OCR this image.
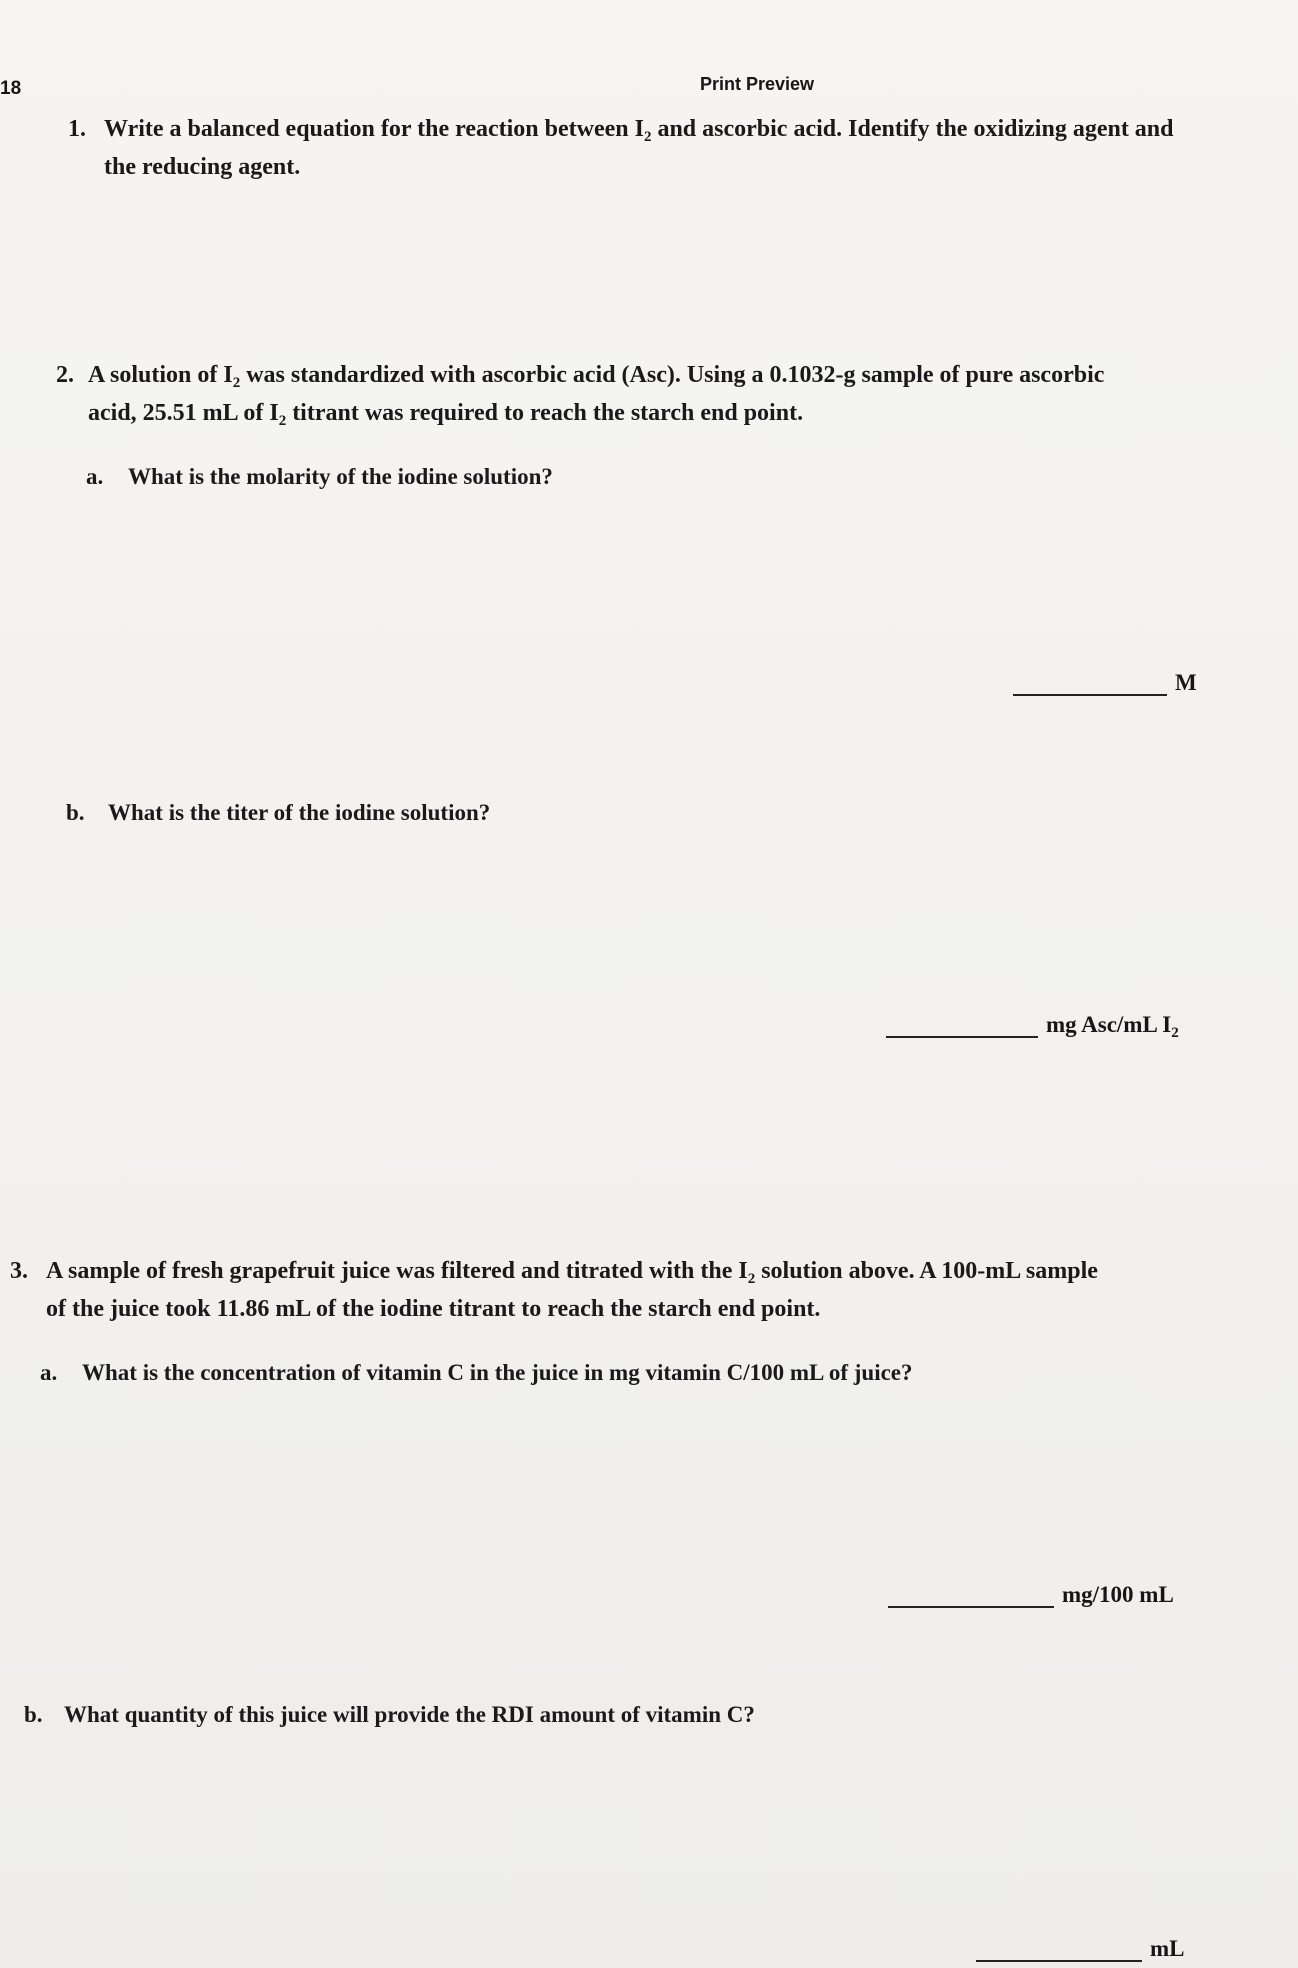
18	Print Preview
1. Write a balanced equation for the reaction between $I_2$ and ascorbic acid. Identify the oxidizing agent and
the reducing agent.
2. A solution of $I_2$ was standardized with ascorbic acid (Asc). Using a 0.1032-g sample of pure ascorbic
acid, 25.51 mL of $I_2$ titrant was required to reach the starch end point.
a. What is the molarity of the iodine solution?
M
b. What is the titer of the iodine solution?
mg Asc/mL $I_2$
3. A sample of fresh grapefruit juice was filtered and titrated with the $I_2$ solution above. A 100-mL sample
of the juice took 11.86 mL of the iodine titrant to reach the starch end point.
a. What is the concentration of vitamin C in the juice in mg vitamin C/100 mL of juice?
mg/100 mL
b. What quantity of this juice will provide the RDI amount of vitamin C?
mL
